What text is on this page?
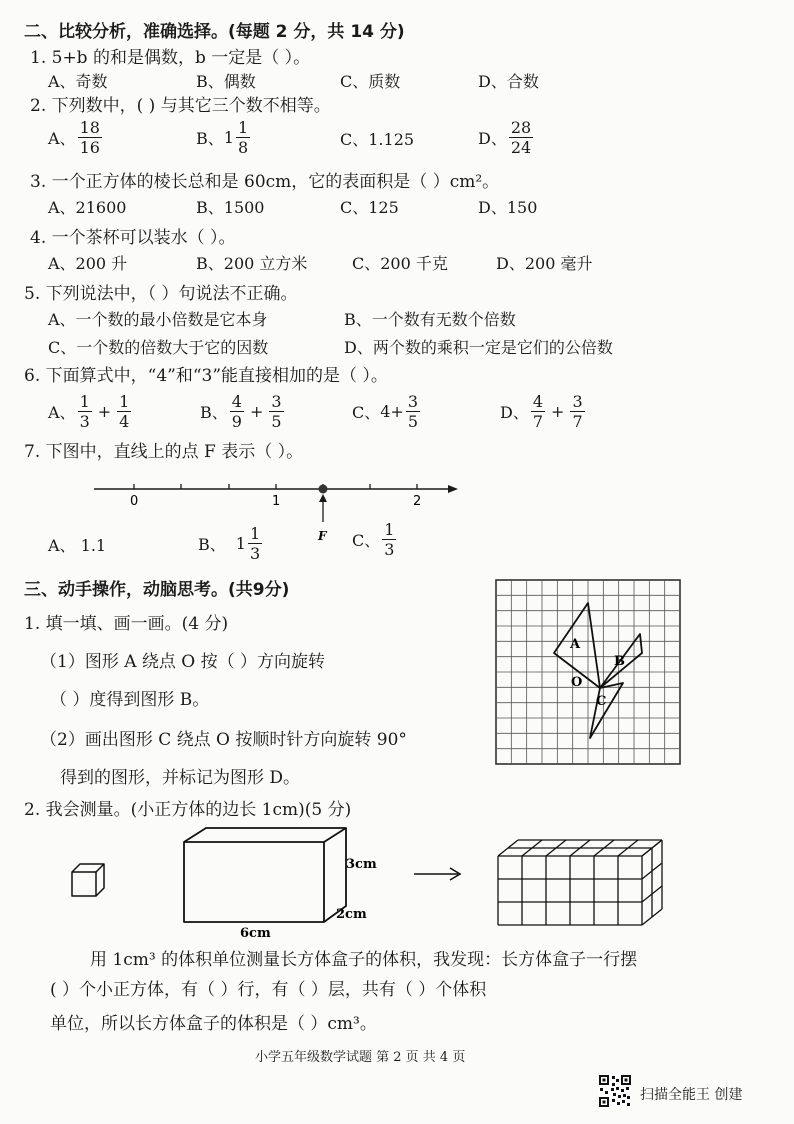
二、比较分析，准确选择。(每题 2 分，共 14 分)
1. 5+b 的和是偶数，b 一定是（ ）。
A、奇数	B、偶数	C、质数	D、合数
2. 下列数中，( ) 与其它三个数不相等。
A、 $\frac{18}{16}$	B、 $1 \frac{1}{8}$	C、1.125	D、 $\frac{28}{24}$
3. 一个正方体的棱长总和是 60cm，它的表面积是（ ）cm²。
A、21600	B、1500	C、125	D、150
4. 一个茶杯可以装水（ ）。
A、200 升	B、200 立方米	C、200 千克	D、200 毫升
5. 下列说法中，（ ）句说法不正确。
A、一个数的最小倍数是它本身	B、一个数有无数个倍数
C、一个数的倍数大于它的因数	D、两个数的乘积一定是它们的公倍数
6. 下面算式中，“4”和“3”能直接相加的是（ ）。
A、 $\frac{1}{3} + \frac{1}{4}$	B、 $\frac{4}{9} + \frac{3}{5}$	C、 $4+ \frac{3}{5}$	D、 $\frac{4}{7} + \frac{3}{7}$
7. 下图中，直线上的点 F 表示（ ）。
0	1	2
F
A、 1.1	B、 $1 \frac{1}{3}$	C、 $\frac{1}{3}$
三、动手操作，动脑思考。(共9分)
1. 填一填、画一画。(4 分)
（1）图形 A 绕点 O 按（ ）方向旋转
（ ）度得到图形 B。
（2）画出图形 C 绕点 O 按顺时针方向旋转 90°
得到的图形，并标记为图形 D。
A
B
C
O
2. 我会测量。(小正方体的边长 1cm)(5 分)
3cm
2cm
6cm
用 1cm³ 的体积单位测量长方体盒子的体积，我发现：长方体盒子一行摆
( ）个小正方体，有（ ）行，有（ ）层，共有（ ）个体积
单位，所以长方体盒子的体积是（ ）cm³。
小学五年级数学试题 第 2 页 共 4 页
扫描全能王 创建
